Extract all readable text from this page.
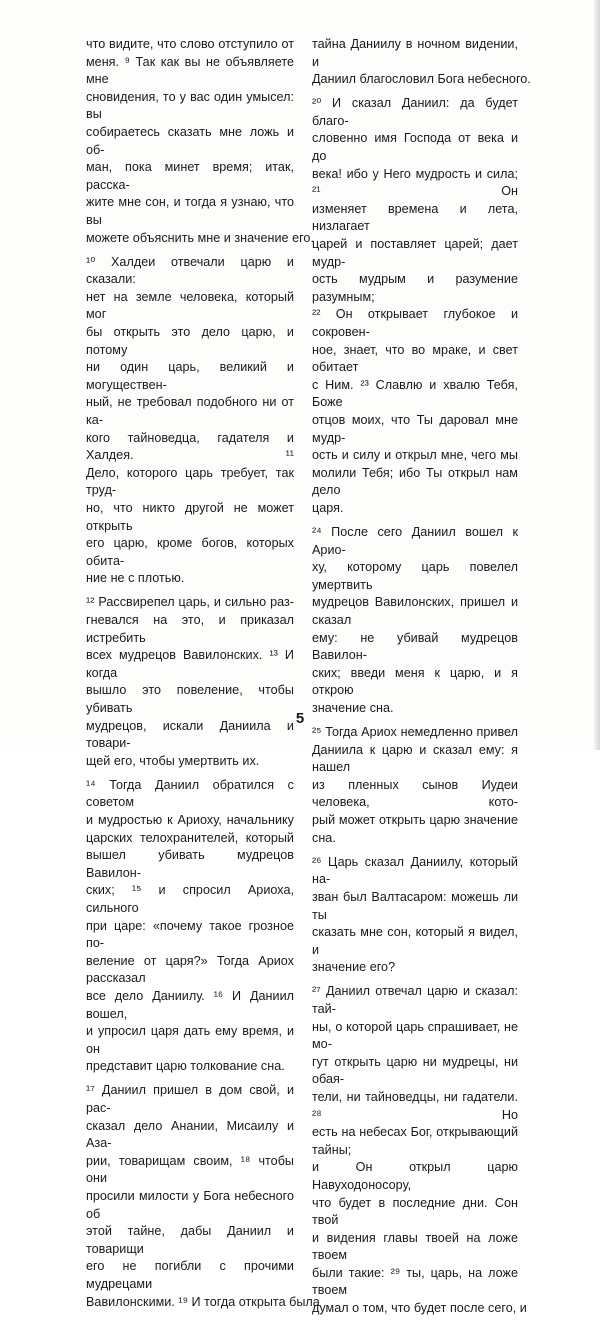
что видите, что слово отступило от
меня. ⁹ Так как вы не объявляете мне
сновидения, то у вас один умысел: вы
собираетесь сказать мне ложь и об-
ман, пока минет время; итак, расска-
жите мне сон, и тогда я узнаю, что вы
можете объяснить мне и значение его.

¹⁰ Халдеи отвечали царю и сказали:
нет на земле человека, который мог
бы открыть это дело царю, и потому
ни один царь, великий и могуществен-
ный, не требовал подобного ни от ка-
кого тайноведца, гадателя и Халдея. ¹¹
Дело, которого царь требует, так труд-
но, что никто другой не может открыть
его царю, кроме богов, которых обита-
ние не с плотью.

¹² Рассвирепел царь, и сильно раз-
гневался на это, и приказал истребить
всех мудрецов Вавилонских. ¹³ И когда
вышло это повеление, чтобы убивать
мудрецов, искали Даниила и товари-
щей его, чтобы умертвить их.

¹⁴ Тогда Даниил обратился с советом
и мудростью к Ариоху, начальнику
царских телохранителей, который
вышел убивать мудрецов Вавилон-
ских; ¹⁵ и спросил Ариоха, сильного
при царе: «почему такое грозное по-
веление от царя?» Тогда Ариох рассказал
все дело Даниилу. ¹⁶ И Даниил вошел,
и упросил царя дать ему время, и он
представит царю толкование сна.

¹⁷ Даниил пришел в дом свой, и рас-
сказал дело Анании, Мисаилу и Аза-
рии, товарищам своим, ¹⁸ чтобы они
просили милости у Бога небесного об
этой тайне, дабы Даниил и товарищи
его не погибли с прочими мудрецами
Вавилонскими. ¹⁹ И тогда открыта была

тайна Даниилу в ночном видении, и
Даниил благословил Бога небесного.

²⁰ И сказал Даниил: да будет благо-
словенно имя Господа от века и до
века! ибо у Него мудрость и сила; ²¹ Он
изменяет времена и лета, низлагает
царей и поставляет царей; дает мудр-
ость мудрым и разумение разумным;
²² Он открывает глубокое и сокровен-
ное, знает, что во мраке, и свет обитает
с Ним. ²³ Славлю и хвалю Тебя, Боже
отцов моих, что Ты даровал мне мудр-
ость и силу и открыл мне, чего мы
молили Тебя; ибо Ты открыл нам дело
царя.

²⁴ После сего Даниил вошел к Арио-
ху, которому царь повелел умертвить
мудрецов Вавилонских, пришел и сказал
ему: не убивай мудрецов Вавилон-
ских; введи меня к царю, и я открою
значение сна.

²⁵ Тогда Ариох немедленно привел
Даниила к царю и сказал ему: я нашел
из пленных сынов Иудеи человека, кото-
рый может открыть царю значение
сна.

²⁶ Царь сказал Даниилу, который на-
зван был Валтасаром: можешь ли ты
сказать мне сон, который я видел, и
значение его?

²⁷ Даниил отвечал царю и сказал: тай-
ны, о которой царь спрашивает, не мо-
гут открыть царю ни мудрецы, ни обая-
тели, ни тайноведцы, ни гадатели. ²⁸ Но
есть на небесах Бог, открывающий тайны;
и Он открыл царю Навуходоносору,
что будет в последние дни. Сон твой
и видения главы твоей на ложе твоем
были такие: ²⁹ ты, царь, на ложе твоем
думал о том, что будет после сего, и

5
